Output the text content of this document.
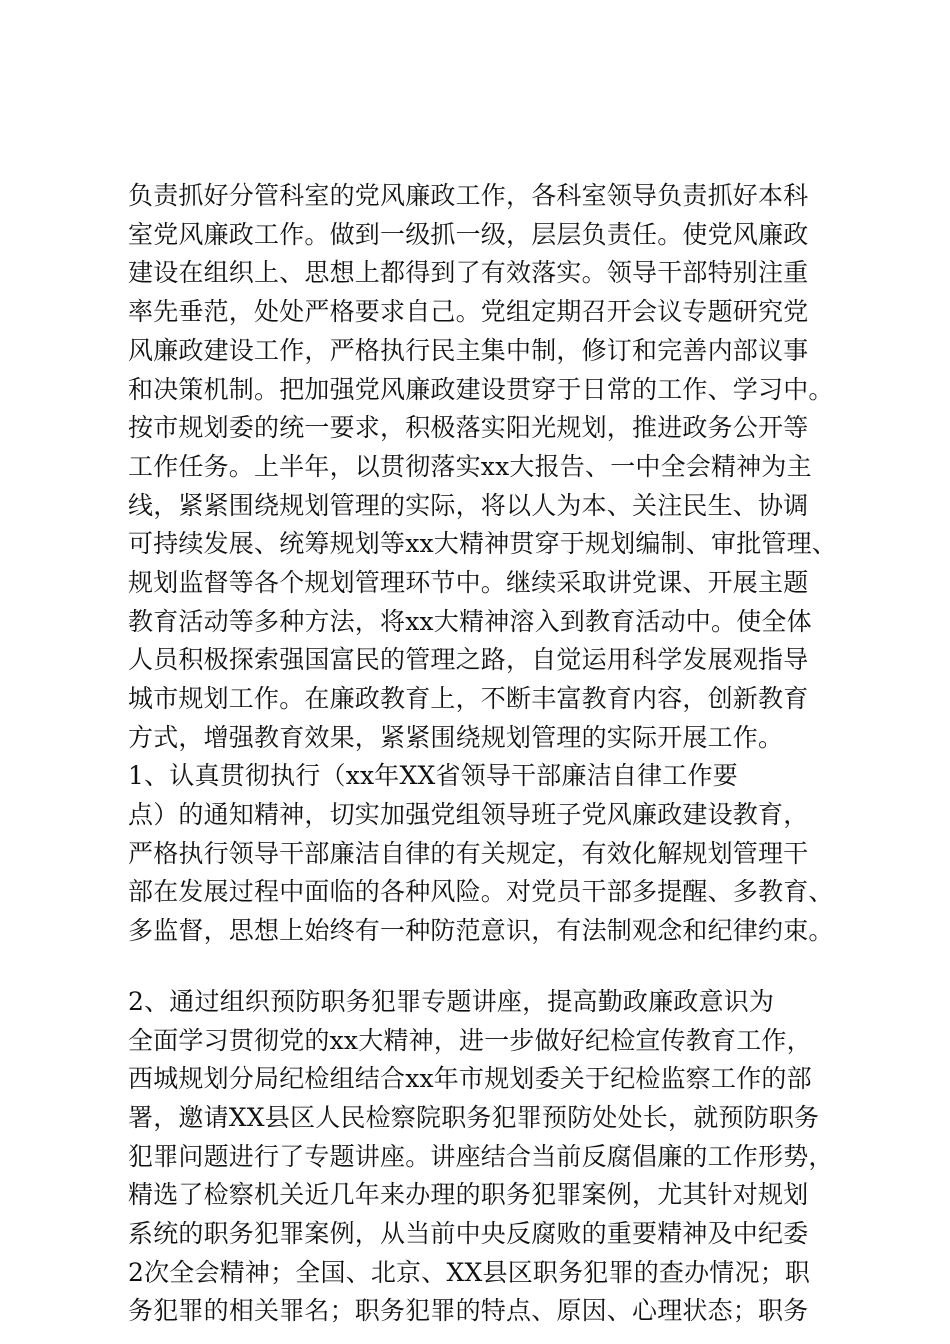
负责抓好分管科室的党风廉政工作，各科室领导负责抓好本科
室党风廉政工作。做到一级抓一级，层层负责任。使党风廉政
建设在组织上、思想上都得到了有效落实。领导干部特别注重
率先垂范，处处严格要求自己。党组定期召开会议专题研究党
风廉政建设工作，严格执行民主集中制，修订和完善内部议事
和决策机制。把加强党风廉政建设贯穿于日常的工作、学习中。
按市规划委的统一要求，积极落实阳光规划，推进政务公开等
工作任务。上半年，以贯彻落实xx大报告、一中全会精神为主
线，紧紧围绕规划管理的实际，将以人为本、关注民生、协调
可持续发展、统筹规划等xx大精神贯穿于规划编制、审批管理、
规划监督等各个规划管理环节中。继续采取讲党课、开展主题
教育活动等多种方法，将xx大精神溶入到教育活动中。使全体
人员积极探索强国富民的管理之路，自觉运用科学发展观指导
城市规划工作。在廉政教育上，不断丰富教育内容，创新教育
方式，增强教育效果，紧紧围绕规划管理的实际开展工作。
1、认真贯彻执行（xx年XX省领导干部廉洁自律工作要
点）的通知精神，切实加强党组领导班子党风廉政建设教育，
严格执行领导干部廉洁自律的有关规定，有效化解规划管理干
部在发展过程中面临的各种风险。对党员干部多提醒、多教育、
多监督，思想上始终有一种防范意识，有法制观念和纪律约束。
2、通过组织预防职务犯罪专题讲座，提高勤政廉政意识为
全面学习贯彻党的xx大精神，进一步做好纪检宣传教育工作，
西城规划分局纪检组结合xx年市规划委关于纪检监察工作的部
署，邀请XX县区人民检察院职务犯罪预防处处长，就预防职务
犯罪问题进行了专题讲座。讲座结合当前反腐倡廉的工作形势，
精选了检察机关近几年来办理的职务犯罪案例，尤其针对规划
系统的职务犯罪案例，从当前中央反腐败的重要精神及中纪委
2次全会精神；全国、北京、XX县区职务犯罪的查办情况；职
务犯罪的相关罪名；职务犯罪的特点、原因、心理状态；职务
